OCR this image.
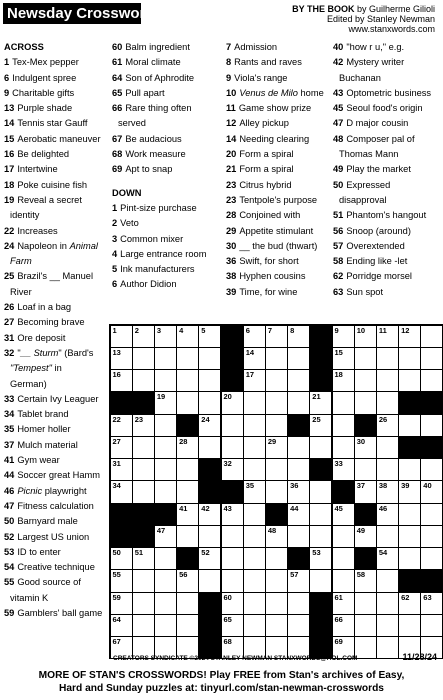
Newsday Crossword	BY THE BOOK by Guilherme Gilioli
Edited by Stanley Newman
www.stanxwords.com
ACROSS
1 Tex-Mex pepper
6 Indulgent spree
9 Charitable gifts
13 Purple shade
14 Tennis star Gauff
15 Aerobatic maneuver
16 Be delighted
17 Intertwine
18 Poke cuisine fish
19 Reveal a secret
identity
22 Increases
24 Napoleon in Animal
Farm
25 Brazil's __ Manuel
River
26 Loaf in a bag
27 Becoming brave
31 Ore deposit
32 "__ Sturm" (Bard's
"Tempest" in
German)
33 Certain Ivy Leaguer
34 Tablet brand
35 Homer holler
37 Mulch material
41 Gym wear
44 Soccer great Hamm
46 Picnic playwright
47 Fitness calculation
50 Barnyard male
52 Largest US union
53 ID to enter
54 Creative technique
55 Good source of
vitamin K
59 Gamblers' ball game
60 Balm ingredient
61 Moral climate
64 Son of Aphrodite
65 Pull apart
66 Rare thing often
served
67 Be audacious
68 Work measure
69 Apt to snap
DOWN
1 Pint-size purchase
2 Veto
3 Common mixer
4 Large entrance room
5 Ink manufacturers
6 Author Didion
7 Admission
8 Rants and raves
9 Viola's range
10 Venus de Milo home
11 Game show prize
12 Alley pickup
14 Needing clearing
20 Form a spiral
21 Form a spiral
23 Citrus hybrid
23 Tentpole's purpose
28 Conjoined with
29 Appetite stimulant
30 __ the bud (thwart)
36 Swift, for short
38 Hyphen cousins
39 Time, for wine
40 "how r u," e.g.
42 Mystery writer
Buchanan
43 Optometric business
45 Seoul food's origin
47 D major cousin
48 Composer pal of
Thomas Mann
49 Play the market
50 Expressed
disapproval
51 Phantom's hangout
56 Snoop (around)
57 Overextended
58 Ending like -let
62 Porridge morsel
63 Sun spot
1 2 3 4 5	6 7 8	9 10 11 12
13	14	15
16	17	18
19	20	21
22 23	24	25	26
27	28	29	30
31	32	33
34	35	36	37 38 39 40
41 42 43	44	45	46
47	48	49
50 51	52	53	54
55	56	57	58
59	60	61	62 63
64	65	66
67	68	69
CREATORS SYNDICATE ©2024 STANLEY NEWMAN STANXWORDS@AOL.COM	11/28/24
MORE OF STAN'S CROSSWORDS! Play FREE from Stan's archives of Easy,
Hard and Sunday puzzles at: tinyurl.com/stan-newman-crosswords
